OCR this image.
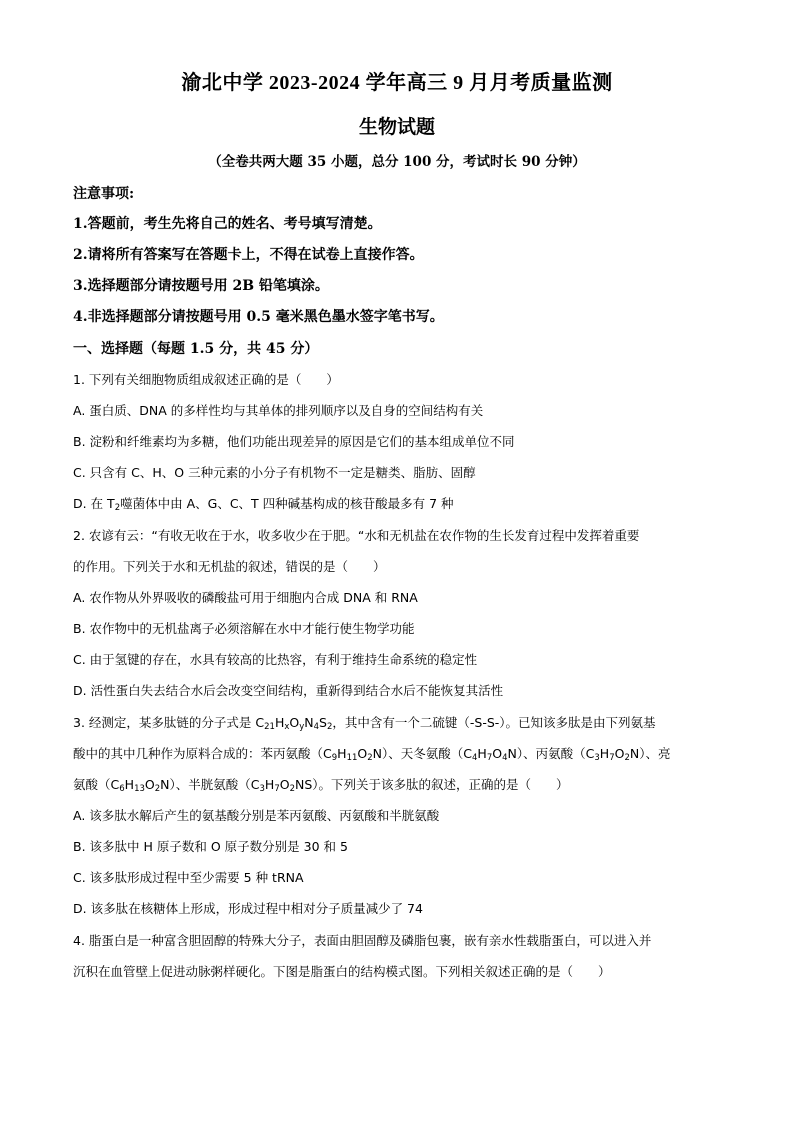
渝北中学 2023-2024 学年高三 9 月月考质量监测
生物试题
（全卷共两大题 35 小题，总分 100 分，考试时长 90 分钟）
注意事项:
1.答题前，考生先将自己的姓名、考号填写清楚。
2.请将所有答案写在答题卡上，不得在试卷上直接作答。
3.选择题部分请按题号用 2B 铅笔填涂。
4.非选择题部分请按题号用 0.5 毫米黑色墨水签字笔书写。
一、选择题（每题 1.5 分，共 45 分）
1. 下列有关细胞物质组成叙述正确的是（　　）
A. 蛋白质、DNA 的多样性均与其单体的排列顺序以及自身的空间结构有关
B. 淀粉和纤维素均为多糖，他们功能出现差异的原因是它们的基本组成单位不同
C. 只含有 C、H、O 三种元素的小分子有机物不一定是糖类、脂肪、固醇
D. 在 $T_2$噬菌体中由 A、G、C、T 四种碱基构成的核苷酸最多有 7 种
2. 农谚有云：“有收无收在于水，收多收少在于肥。“水和无机盐在农作物的生长发育过程中发挥着重要
的作用。下列关于水和无机盐的叙述，错误的是（　　）
A. 农作物从外界吸收的磷酸盐可用于细胞内合成 DNA 和 RNA
B. 农作物中的无机盐离子必须溶解在水中才能行使生物学功能
C. 由于氢键的存在，水具有较高的比热容，有利于维持生命系统的稳定性
D. 活性蛋白失去结合水后会改变空间结构，重新得到结合水后不能恢复其活性
3. 经测定，某多肽链的分子式是 $C_{21}H_xO_yN_4S_2$，其中含有一个二硫键（-S-S-）。已知该多肽是由下列氨基
酸中的其中几种作为原料合成的：苯丙氨酸$(C_9H_{11}O_2N)$、天冬氨酸$(C_4H_7O_4N)$、丙氨酸$(C_3H_7O_2N)$、亮
氨酸$(C_6H_{13}O_2N)$、半胱氨酸$(C_3H_7O_2NS)$。下列关于该多肽的叙述，正确的是（　　）
A. 该多肽水解后产生的氨基酸分别是苯丙氨酸、丙氨酸和半胱氨酸
B. 该多肽中 H 原子数和 O 原子数分别是 30 和 5
C. 该多肽形成过程中至少需要 5 种 tRNA
D. 该多肽在核糖体上形成，形成过程中相对分子质量减少了 74
4. 脂蛋白是一种富含胆固醇的特殊大分子，表面由胆固醇及磷脂包裹，嵌有亲水性载脂蛋白，可以进入并
沉积在血管壁上促进动脉粥样硬化。下图是脂蛋白的结构模式图。下列相关叙述正确的是（　　）
